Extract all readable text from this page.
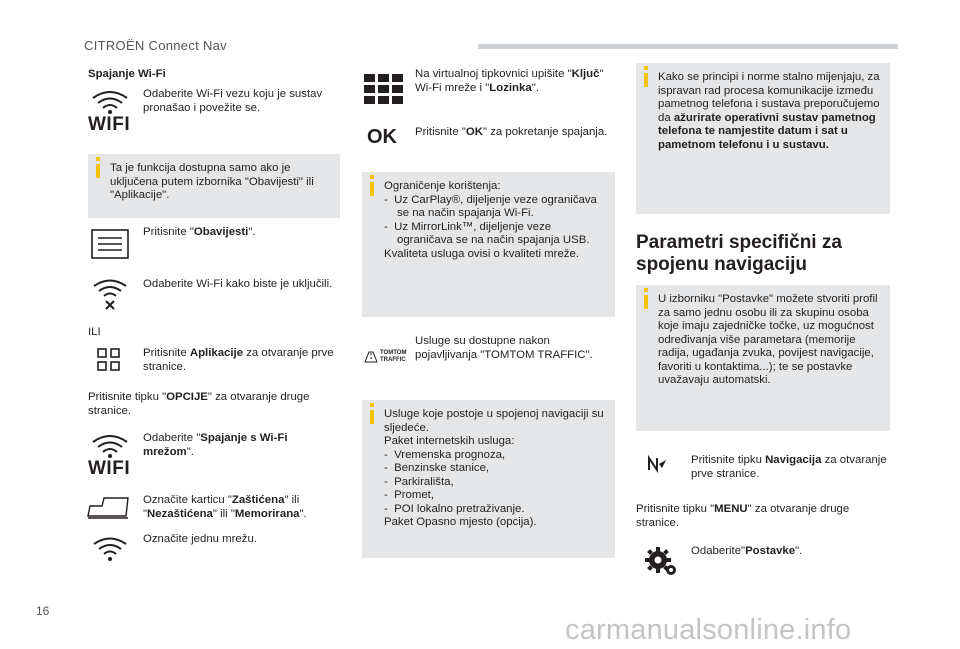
CITROËN Connect Nav
Spajanje Wi-Fi
WIFI
Odaberite Wi-Fi vezu koju je sustav pronašao i povežite se.
Ta je funkcija dostupna samo ako je uključena putem izbornika "Obavijesti" ili "Aplikacije".
Pritisnite "Obavijesti".
Odaberite Wi-Fi kako biste je uključili.
ILI
Pritisnite Aplikacije za otvaranje prve stranice.
Pritisnite tipku "OPCIJE" za otvaranje druge stranice.
WIFI
Odaberite "Spajanje s Wi-Fi mrežom".
Označite karticu "Zaštićena" ili "Nezaštićena" ili "Memorirana".
Označite jednu mrežu.
Na virtualnoj tipkovnici upišite "Ključ" Wi-Fi mreže i "Lozinka".
OK Pritisnite "OK" za pokretanje spajanja.
Ograničenje korištenja:
-  Uz CarPlay®, dijeljenje veze ograničava se na način spajanja Wi-Fi.
-  Uz MirrorLink™, dijeljenje veze ograničava se na način spajanja USB.
Kvaliteta usluga ovisi o kvaliteti mreže.
TOMTOM
TRAFFIC
Usluge su dostupne nakon pojavljivanja "TOMTOM TRAFFIC".
Usluge koje postoje u spojenoj navigaciji su sljedeće.
Paket internetskih usluga:
-  Vremenska prognoza,
-  Benzinske stanice,
-  Parkirališta,
-  Promet,
-  POI lokalno pretraživanje.
Paket Opasno mjesto (opcija).
Kako se principi i norme stalno mijenjaju, za ispravan rad procesa komunikacije između pametnog telefona i sustava preporučujemo da ažurirate operativni sustav pametnog telefona te namjestite datum i sat u pametnom telefonu i u sustavu.
Parametri specifični za spojenu navigaciju
U izborniku "Postavke" možete stvoriti profil za samo jednu osobu ili za skupinu osoba koje imaju zajedničke točke, uz mogućnost određivanja više parametara (memorije radija, ugađanja zvuka, povijest navigacije, favoriti u kontaktima...); te se postavke uvažavaju automatski.
Pritisnite tipku Navigacija za otvaranje prve stranice.
Pritisnite tipku "MENU" za otvaranje druge stranice.
Odaberite"Postavke".
16
carmanualsonline.info
